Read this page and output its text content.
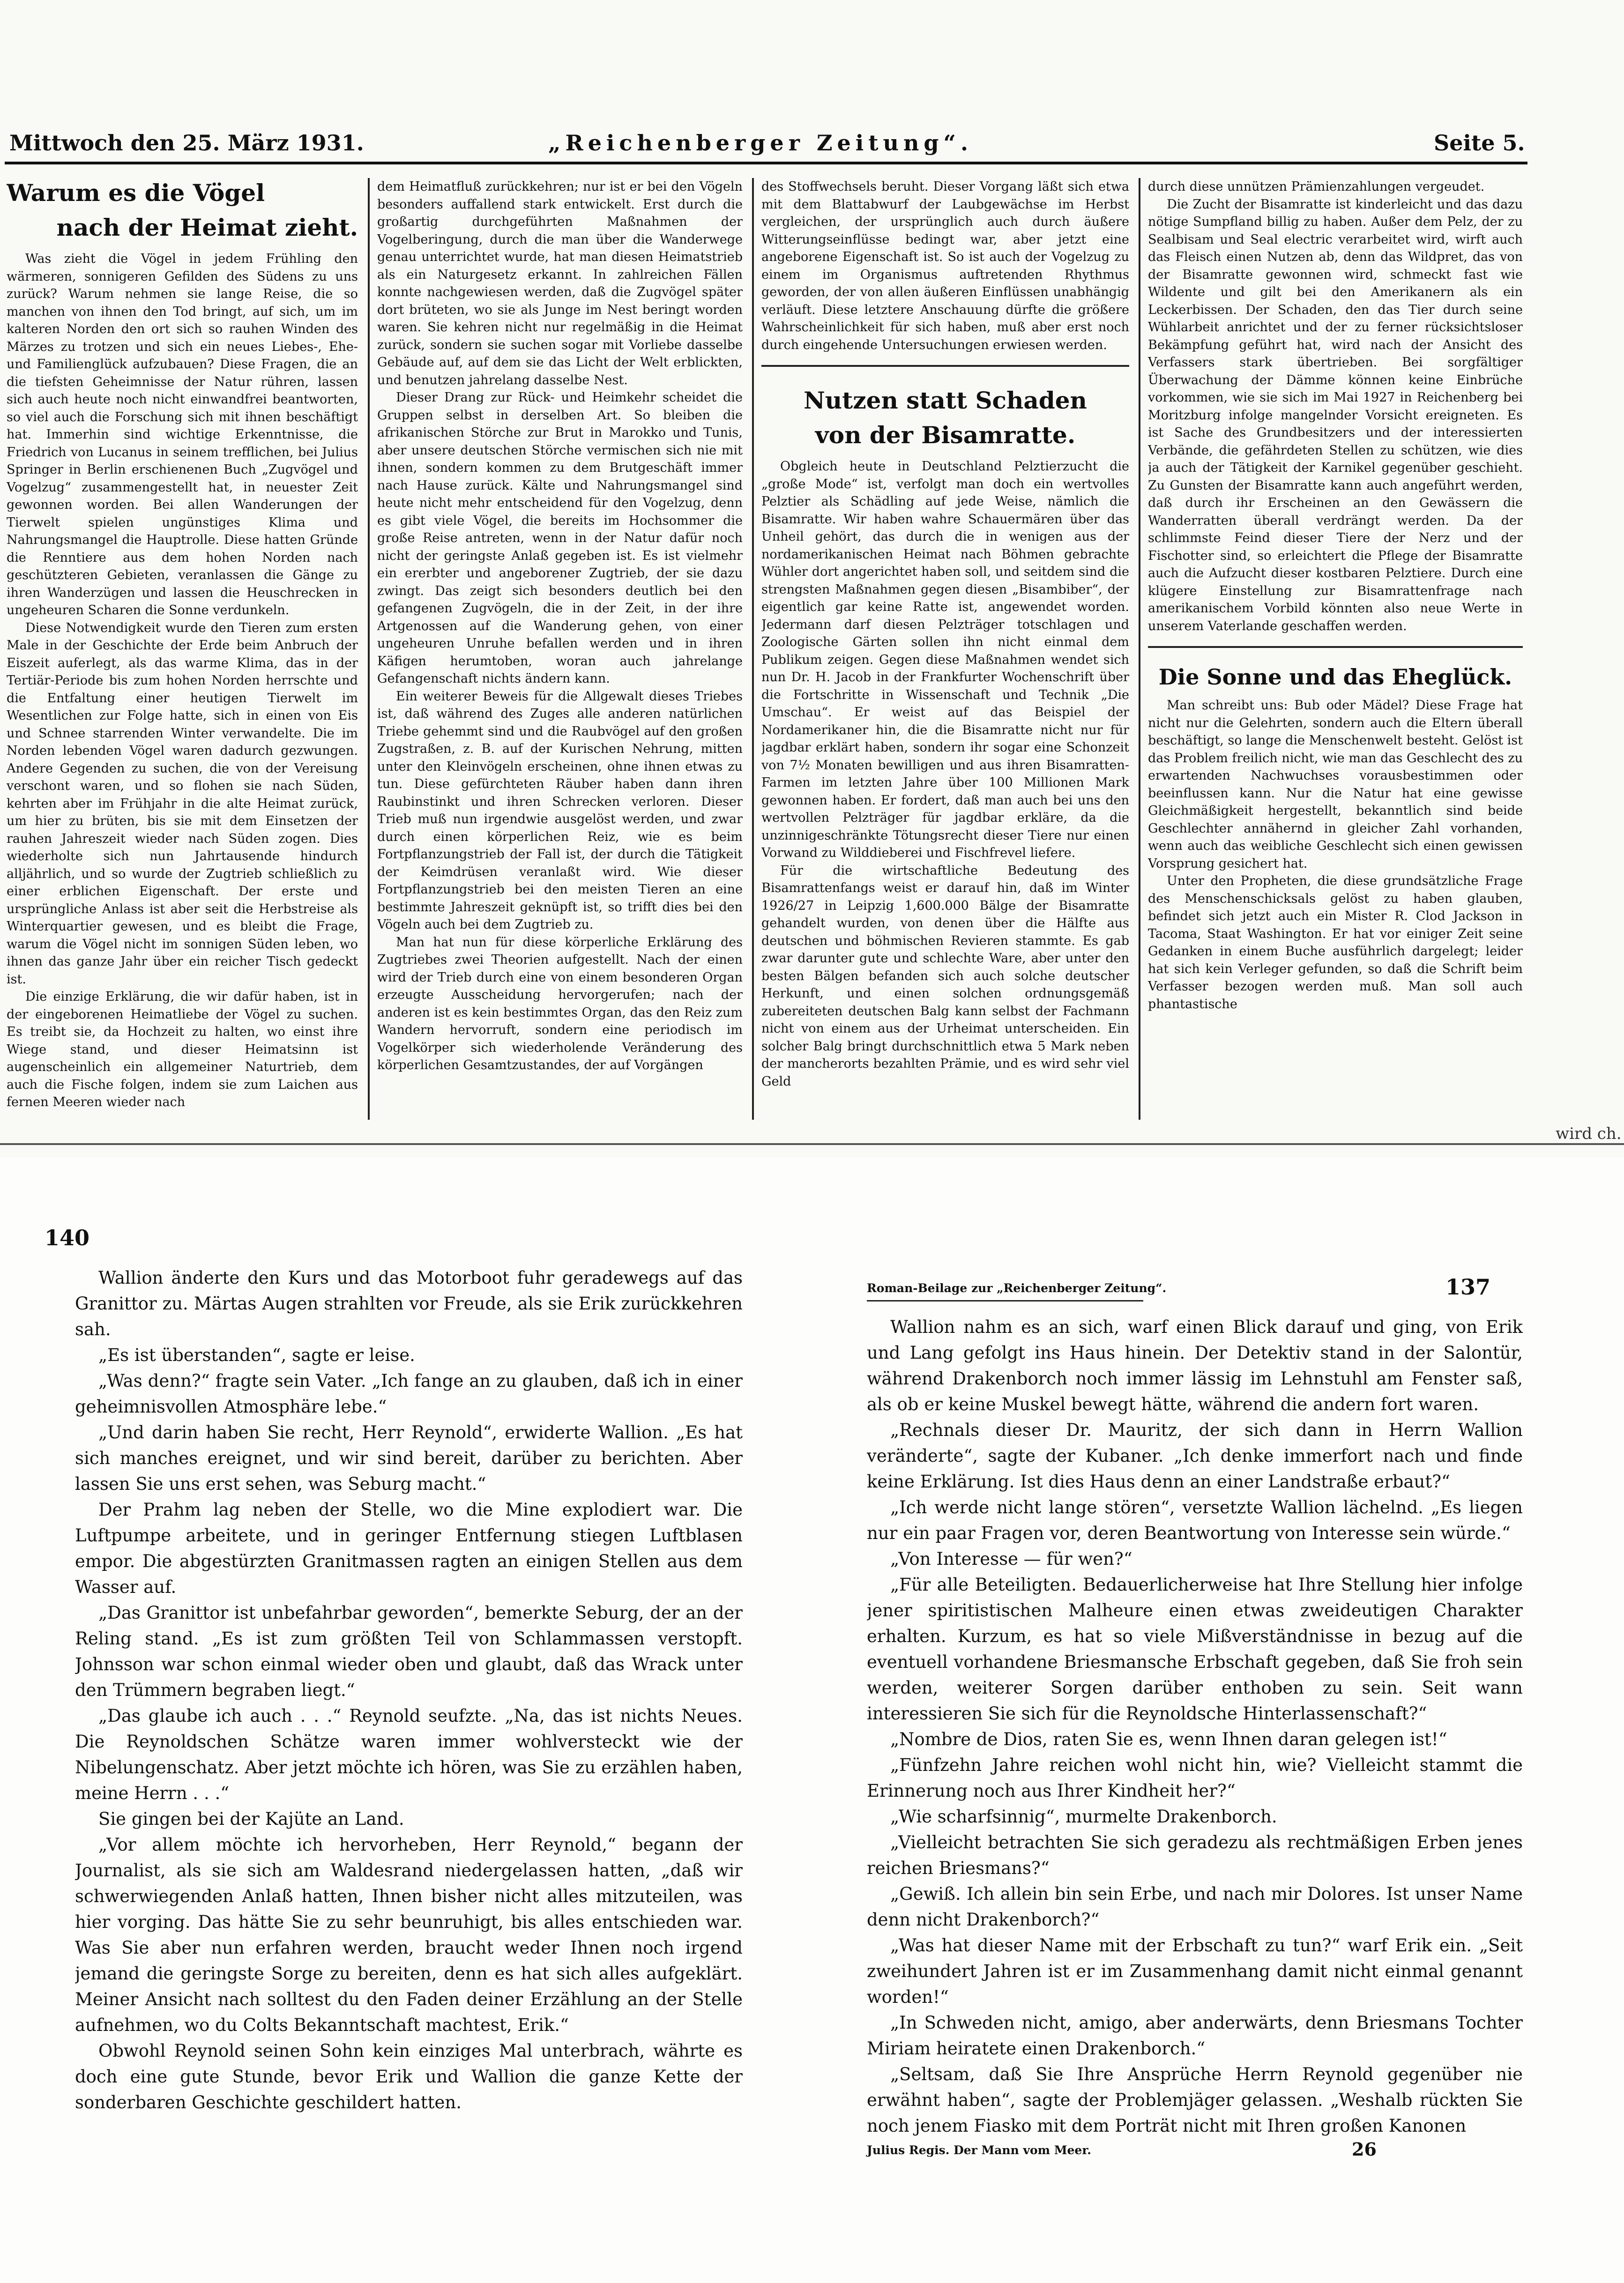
Mittwoch den 25. März 1931.	„Reichenberger Zeitung“.	Seite 5.
Warum es die Vögel
nach der Heimat zieht.

Was zieht die Vögel in jedem Frühling den wärmeren, sonnigeren Gefilden des Südens zu uns zurück? Warum nehmen sie lange Reise, die so manchen von ihnen den Tod bringt, auf sich, um im kalteren Norden den ort sich so rauhen Winden des Märzes zu trotzen und sich ein neues Liebes-, Ehe- und Familienglück aufzubauen? Diese Fragen, die an die tiefsten Geheimnisse der Natur rühren, lassen sich auch heute noch nicht einwandfrei beantworten, so viel auch die Forschung sich mit ihnen beschäftigt hat. Immerhin sind wichtige Erkenntnisse, die Friedrich von Lucanus in seinem trefflichen, bei Julius Springer in Berlin erschienenen Buch „Zugvögel und Vogelzug“ zusammengestellt hat, in neuester Zeit gewonnen worden. Bei allen Wanderungen der Tierwelt spielen ungünstiges Klima und Nahrungsmangel die Hauptrolle. Diese hatten Gründe die Renntiere aus dem hohen Norden nach geschützteren Gebieten, veranlassen die Gänge zu ihren Wanderzügen und lassen die Heuschrecken in ungeheuren Scharen die Sonne verdunkeln.

Diese Notwendigkeit wurde den Tieren zum ersten Male in der Geschichte der Erde beim Anbruch der Eiszeit auferlegt, als das warme Klima, das in der Tertiär-Periode bis zum hohen Norden herrschte und die Entfaltung einer heutigen Tierwelt im Wesentlichen zur Folge hatte, sich in einen von Eis und Schnee starrenden Winter verwandelte. Die im Norden lebenden Vögel waren dadurch gezwungen. Andere Gegenden zu suchen, die von der Vereisung verschont waren, und so flohen sie nach Süden, kehrten aber im Frühjahr in die alte Heimat zurück, um hier zu brüten, bis sie mit dem Einsetzen der rauhen Jahreszeit wieder nach Süden zogen. Dies wiederholte sich nun Jahrtausende hindurch alljährlich, und so wurde der Zugtrieb schließlich zu einer erblichen Eigenschaft. Der erste und ursprüngliche Anlass ist aber seit die Herbstreise als Winterquartier gewesen, und es bleibt die Frage, warum die Vögel nicht im sonnigen Süden leben, wo ihnen das ganze Jahr über ein reicher Tisch gedeckt ist.

Die einzige Erklärung, die wir dafür haben, ist in der eingeborenen Heimatliebe der Vögel zu suchen. Es treibt sie, da Hochzeit zu halten, wo einst ihre Wiege stand, und dieser Heimatsinn ist augenscheinlich ein allgemeiner Naturtrieb, dem auch die Fische folgen, indem sie zum Laichen aus fernen Meeren wieder nach

dem Heimatfluß zurückkehren; nur ist er bei den Vögeln besonders auffallend stark entwickelt. Erst durch die großartig durchgeführten Maßnahmen der Vogelberingung, durch die man über die Wanderwege genau unterrichtet wurde, hat man diesen Heimatstrieb als ein Naturgesetz erkannt. In zahlreichen Fällen konnte nachgewiesen werden, daß die Zugvögel später dort brüteten, wo sie als Junge im Nest beringt worden waren. Sie kehren nicht nur regelmäßig in die Heimat zurück, sondern sie suchen sogar mit Vorliebe dasselbe Gebäude auf, auf dem sie das Licht der Welt erblickten, und benutzen jahrelang dasselbe Nest.

Dieser Drang zur Rück- und Heimkehr scheidet die Gruppen selbst in derselben Art. So bleiben die afrikanischen Störche zur Brut in Marokko und Tunis, aber unsere deutschen Störche vermischen sich nie mit ihnen, sondern kommen zu dem Brutgeschäft immer nach Hause zurück. Kälte und Nahrungsmangel sind heute nicht mehr entscheidend für den Vogelzug, denn es gibt viele Vögel, die bereits im Hochsommer die große Reise antreten, wenn in der Natur dafür noch nicht der geringste Anlaß gegeben ist. Es ist vielmehr ein ererbter und angeborener Zugtrieb, der sie dazu zwingt. Das zeigt sich besonders deutlich bei den gefangenen Zugvögeln, die in der Zeit, in der ihre Artgenossen auf die Wanderung gehen, von einer ungeheuren Unruhe befallen werden und in ihren Käfigen herumtoben, woran auch jahrelange Gefangenschaft nichts ändern kann.

Ein weiterer Beweis für die Allgewalt dieses Triebes ist, daß während des Zuges alle anderen natürlichen Triebe gehemmt sind und die Raubvögel auf den großen Zugstraßen, z. B. auf der Kurischen Nehrung, mitten unter den Kleinvögeln erscheinen, ohne ihnen etwas zu tun. Diese gefürchteten Räuber haben dann ihren Raubinstinkt und ihren Schrecken verloren. Dieser Trieb muß nun irgendwie ausgelöst werden, und zwar durch einen körperlichen Reiz, wie es beim Fortpflanzungstrieb der Fall ist, der durch die Tätigkeit der Keimdrüsen veranlaßt wird. Wie dieser Fortpflanzungstrieb bei den meisten Tieren an eine bestimmte Jahreszeit geknüpft ist, so trifft dies bei den Vögeln auch bei dem Zugtrieb zu.

Man hat nun für diese körperliche Erklärung des Zugtriebes zwei Theorien aufgestellt. Nach der einen wird der Trieb durch eine von einem besonderen Organ erzeugte Ausscheidung hervorgerufen; nach der anderen ist es kein bestimmtes Organ, das den Reiz zum Wandern hervorruft, sondern eine periodisch im Vogelkörper sich wiederholende Veränderung des körperlichen Gesamtzustandes, der auf Vorgängen

des Stoffwechsels beruht. Dieser Vorgang läßt sich etwa mit dem Blattabwurf der Laubgewächse im Herbst vergleichen, der ursprünglich auch durch äußere Witterungseinflüsse bedingt war, aber jetzt eine angeborene Eigenschaft ist. So ist auch der Vogelzug zu einem im Organismus auftretenden Rhythmus geworden, der von allen äußeren Einflüssen unabhängig verläuft. Diese letztere Anschauung dürfte die größere Wahrscheinlichkeit für sich haben, muß aber erst noch durch eingehende Untersuchungen erwiesen werden.

Nutzen statt Schaden
von der Bisamratte.

Obgleich heute in Deutschland Pelztierzucht die „große Mode“ ist, verfolgt man doch ein wertvolles Pelztier als Schädling auf jede Weise, nämlich die Bisamratte. Wir haben wahre Schauermären über das Unheil gehört, das durch die in wenigen aus der nordamerikanischen Heimat nach Böhmen gebrachte Wühler dort angerichtet haben soll, und seitdem sind die strengsten Maßnahmen gegen diesen „Bisambiber“, der eigentlich gar keine Ratte ist, angewendet worden. Jedermann darf diesen Pelzträger totschlagen und Zoologische Gärten sollen ihn nicht einmal dem Publikum zeigen. Gegen diese Maßnahmen wendet sich nun Dr. H. Jacob in der Frankfurter Wochenschrift über die Fortschritte in Wissenschaft und Technik „Die Umschau“. Er weist auf das Beispiel der Nordamerikaner hin, die die Bisamratte nicht nur für jagdbar erklärt haben, sondern ihr sogar eine Schonzeit von 7½ Monaten bewilligen und aus ihren Bisamratten-Farmen im letzten Jahre über 100 Millionen Mark gewonnen haben. Er fordert, daß man auch bei uns den wertvollen Pelzträger für jagdbar erkläre, da die unzinnigeschränkte Tötungsrecht dieser Tiere nur einen Vorwand zu Wilddieberei und Fischfrevel liefere.

Für die wirtschaftliche Bedeutung des Bisamrattenfangs weist er darauf hin, daß im Winter 1926/27 in Leipzig 1,600.000 Bälge der Bisamratte gehandelt wurden, von denen über die Hälfte aus deutschen und böhmischen Revieren stammte. Es gab zwar darunter gute und schlechte Ware, aber unter den besten Bälgen befanden sich auch solche deutscher Herkunft, und einen solchen ordnungsgemäß zubereiteten deutschen Balg kann selbst der Fachmann nicht von einem aus der Urheimat unterscheiden. Ein solcher Balg bringt durchschnittlich etwa 5 Mark neben der mancherorts bezahlten Prämie, und es wird sehr viel Geld

durch diese unnützen Prämienzahlungen vergeudet.

Die Zucht der Bisamratte ist kinderleicht und das dazu nötige Sumpfland billig zu haben. Außer dem Pelz, der zu Sealbisam und Seal electric verarbeitet wird, wirft auch das Fleisch einen Nutzen ab, denn das Wildpret, das von der Bisamratte gewonnen wird, schmeckt fast wie Wildente und gilt bei den Amerikanern als ein Leckerbissen. Der Schaden, den das Tier durch seine Wühlarbeit anrichtet und der zu ferner rücksichtsloser Bekämpfung geführt hat, wird nach der Ansicht des Verfassers stark übertrieben. Bei sorgfältiger Überwachung der Dämme können keine Einbrüche vorkommen, wie sie sich im Mai 1927 in Reichenberg bei Moritzburg infolge mangelnder Vorsicht ereigneten. Es ist Sache des Grundbesitzers und der interessierten Verbände, die gefährdeten Stellen zu schützen, wie dies ja auch der Tätigkeit der Karnikel gegenüber geschieht. Zu Gunsten der Bisamratte kann auch angeführt werden, daß durch ihr Erscheinen an den Gewässern die Wanderratten überall verdrängt werden. Da der schlimmste Feind dieser Tiere der Nerz und der Fischotter sind, so erleichtert die Pflege der Bisamratte auch die Aufzucht dieser kostbaren Pelztiere. Durch eine klügere Einstellung zur Bisamrattenfrage nach amerikanischem Vorbild könnten also neue Werte in unserem Vaterlande geschaffen werden.

Die Sonne und das Eheglück.

Man schreibt uns: Bub oder Mädel? Diese Frage hat nicht nur die Gelehrten, sondern auch die Eltern überall beschäftigt, so lange die Menschenwelt besteht. Gelöst ist das Problem freilich nicht, wie man das Geschlecht des zu erwartenden Nachwuchses vorausbestimmen oder beeinflussen kann. Nur die Natur hat eine gewisse Gleichmäßigkeit hergestellt, bekanntlich sind beide Geschlechter annähernd in gleicher Zahl vorhanden, wenn auch das weibliche Geschlecht sich einen gewissen Vorsprung gesichert hat.

Unter den Propheten, die diese grundsätzliche Frage des Menschenschicksals gelöst zu haben glauben, befindet sich jetzt auch ein Mister R. Clod Jackson in Tacoma, Staat Washington. Er hat vor einiger Zeit seine Gedanken in einem Buche ausführlich dargelegt; leider hat sich kein Verleger gefunden, so daß die Schrift beim Verfasser bezogen werden muß. Man soll auch phantastische

wird ch.
140

Wallion änderte den Kurs und das Motorboot fuhr geradewegs auf das Granittor zu. Märtas Augen strahlten vor Freude, als sie Erik zurückkehren sah.

„Es ist überstanden“, sagte er leise.

„Was denn?“ fragte sein Vater. „Ich fange an zu glauben, daß ich in einer geheimnisvollen Atmosphäre lebe.“

„Und darin haben Sie recht, Herr Reynold“, erwiderte Wallion. „Es hat sich manches ereignet, und wir sind bereit, darüber zu berichten. Aber lassen Sie uns erst sehen, was Seburg macht.“

Der Prahm lag neben der Stelle, wo die Mine explodiert war. Die Luftpumpe arbeitete, und in geringer Entfernung stiegen Luftblasen empor. Die abgestürzten Granitmassen ragten an einigen Stellen aus dem Wasser auf.

„Das Granittor ist unbefahrbar geworden“, bemerkte Seburg, der an der Reling stand. „Es ist zum größten Teil von Schlammassen verstopft. Johnsson war schon einmal wieder oben und glaubt, daß das Wrack unter den Trümmern begraben liegt.“

„Das glaube ich auch . . .“ Reynold seufzte. „Na, das ist nichts Neues. Die Reynoldschen Schätze waren immer wohlversteckt wie der Nibelungenschatz. Aber jetzt möchte ich hören, was Sie zu erzählen haben, meine Herrn . . .“

Sie gingen bei der Kajüte an Land.

„Vor allem möchte ich hervorheben, Herr Reynold,“ begann der Journalist, als sie sich am Waldesrand niedergelassen hatten, „daß wir schwerwiegenden Anlaß hatten, Ihnen bisher nicht alles mitzuteilen, was hier vorging. Das hätte Sie zu sehr beunruhigt, bis alles entschieden war. Was Sie aber nun erfahren werden, braucht weder Ihnen noch irgend jemand die geringste Sorge zu bereiten, denn es hat sich alles aufgeklärt. Meiner Ansicht nach solltest du den Faden deiner Erzählung an der Stelle aufnehmen, wo du Colts Bekanntschaft machtest, Erik.“

Obwohl Reynold seinen Sohn kein einziges Mal unterbrach, währte es doch eine gute Stunde, bevor Erik und Wallion die ganze Kette der sonderbaren Geschichte geschildert hatten.

Roman-Beilage zur „Reichenberger Zeitung“.	137

Wallion nahm es an sich, warf einen Blick darauf und ging, von Erik und Lang gefolgt ins Haus hinein. Der Detektiv stand in der Salontür, während Drakenborch noch immer lässig im Lehnstuhl am Fenster saß, als ob er keine Muskel bewegt hätte, während die andern fort waren.

„Rechnals dieser Dr. Mauritz, der sich dann in Herrn Wallion veränderte“, sagte der Kubaner. „Ich denke immerfort nach und finde keine Erklärung. Ist dies Haus denn an einer Landstraße erbaut?“

„Ich werde nicht lange stören“, versetzte Wallion lächelnd. „Es liegen nur ein paar Fragen vor, deren Beantwortung von Interesse sein würde.“

„Von Interesse — für wen?“

„Für alle Beteiligten. Bedauerlicherweise hat Ihre Stellung hier infolge jener spiritistischen Malheure einen etwas zweideutigen Charakter erhalten. Kurzum, es hat so viele Mißverständnisse in bezug auf die eventuell vorhandene Briesmansche Erbschaft gegeben, daß Sie froh sein werden, weiterer Sorgen darüber enthoben zu sein. Seit wann interessieren Sie sich für die Reynoldsche Hinterlassenschaft?“

„Nombre de Dios, raten Sie es, wenn Ihnen daran gelegen ist!“

„Fünfzehn Jahre reichen wohl nicht hin, wie? Vielleicht stammt die Erinnerung noch aus Ihrer Kindheit her?“

„Wie scharfsinnig“, murmelte Drakenborch.

„Vielleicht betrachten Sie sich geradezu als rechtmäßigen Erben jenes reichen Briesmans?“

„Gewiß. Ich allein bin sein Erbe, und nach mir Dolores. Ist unser Name denn nicht Drakenborch?“

„Was hat dieser Name mit der Erbschaft zu tun?“ warf Erik ein. „Seit zweihundert Jahren ist er im Zusammenhang damit nicht einmal genannt worden!“

„In Schweden nicht, amigo, aber anderwärts, denn Briesmans Tochter Miriam heiratete einen Drakenborch.“

„Seltsam, daß Sie Ihre Ansprüche Herrn Reynold gegenüber nie erwähnt haben“, sagte der Problemjäger gelassen. „Weshalb rückten Sie noch jenem Fiasko mit dem Porträt nicht mit Ihren großen Kanonen

Julius Regis. Der Mann vom Meer.	26
